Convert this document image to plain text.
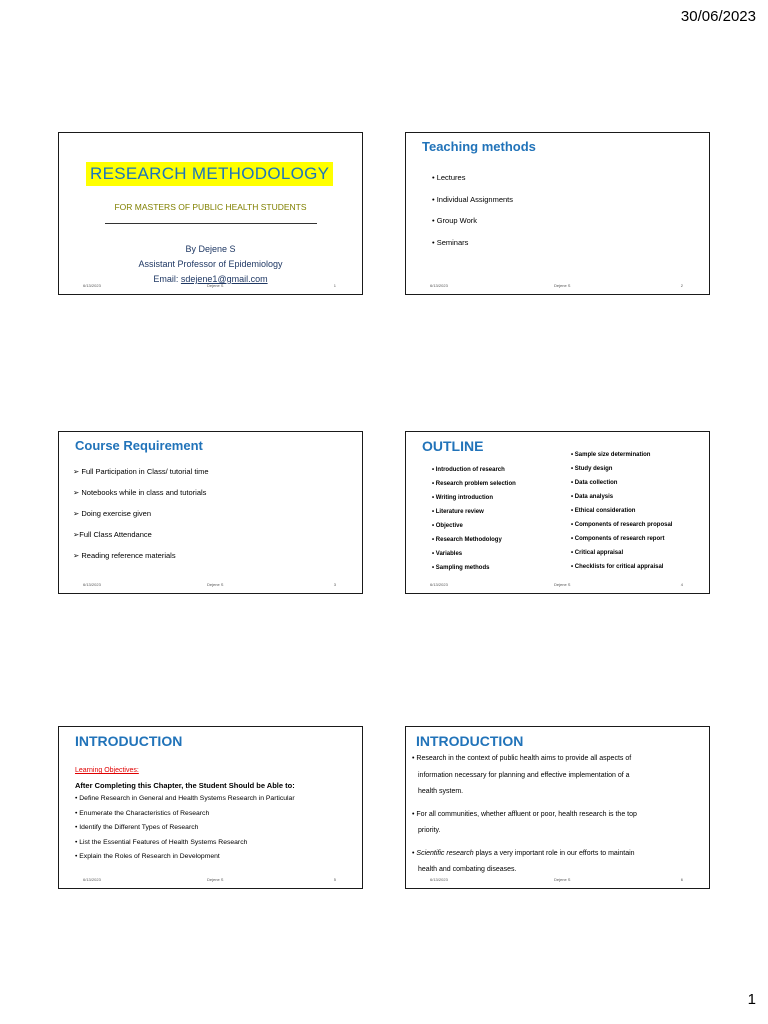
30/06/2023
RESEARCH METHODOLOGY
FOR MASTERS OF PUBLIC HEALTH STUDENTS
By Dejene S
Assistant Professor of Epidemiology
Email: sdejene1@gmail.com
6/13/2023	Dejene S	1
Teaching methods
• Lectures
• Individual Assignments
• Group Work
• Seminars
6/13/2023	Dejene S	2
Course Requirement
➢ Full Participation in Class/ tutorial time
➢ Notebooks while in class and tutorials
➢ Doing exercise given
➢Full Class Attendance
➢ Reading reference materials
6/13/2023	Dejene S	3
OUTLINE
• Introduction of research
• Research problem selection
• Writing introduction
• Literature review
• Objective
• Research Methodology
• Variables
• Sampling methods
• Sample size determination
• Study design
• Data collection
• Data analysis
• Ethical consideration
• Components of research proposal
• Components of research report
• Critical appraisal
• Checklists for critical appraisal
6/13/2023	Dejene S	4
INTRODUCTION
Learning Objectives:
After Completing this Chapter, the Student Should be Able to:
• Define Research in General and Health Systems Research in Particular
• Enumerate the Characteristics of Research
• Identify the Different Types of Research
• List the Essential Features of Health Systems Research
• Explain the Roles of Research in Development
6/13/2023	Dejene S	5
INTRODUCTION

• Research in the context of public health aims to provide all aspects of
information necessary for planning and effective implementation of a
health system.

• For all communities, whether affluent or poor, health research is the top
priority.

• Scientific research plays a very important role in our efforts to maintain
health and combating diseases.

6/13/2023	Dejene S	6
1
